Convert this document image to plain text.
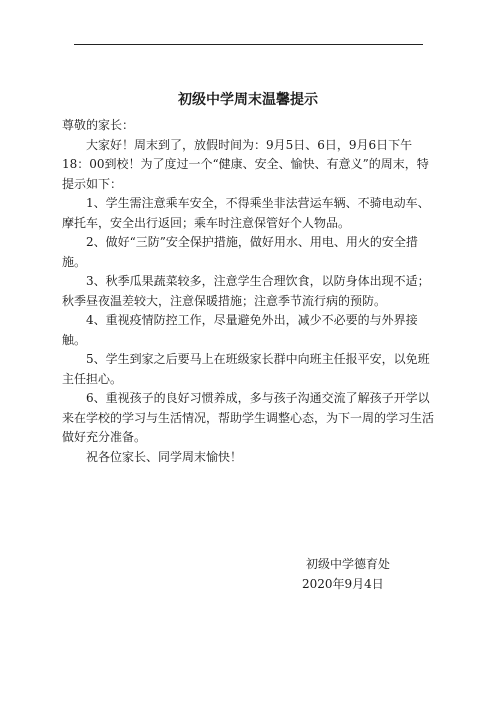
初级中学周末温馨提示

尊敬的家长：

大家好！周末到了，放假时间为：9月5日、6日，9月6日下午18：00到校！为了度过一个“健康、安全、愉快、有意义”的周末，特提示如下：

1、学生需注意乘车安全，不得乘坐非法营运车辆、不骑电动车、摩托车，安全出行返回；乘车时注意保管好个人物品。

2、做好“三防”安全保护措施，做好用水、用电、用火的安全措施。

3、秋季瓜果蔬菜较多，注意学生合理饮食，以防身体出现不适；秋季昼夜温差较大，注意保暖措施；注意季节流行病的预防。

4、重视疫情防控工作，尽量避免外出，减少不必要的与外界接触。

5、学生到家之后要马上在班级家长群中向班主任报平安，以免班主任担心。

6、重视孩子的良好习惯养成，多与孩子沟通交流了解孩子开学以来在学校的学习与生活情况，帮助学生调整心态，为下一周的学习生活做好充分准备。

祝各位家长、同学周末愉快！

初级中学德育处
2020年9月4日
